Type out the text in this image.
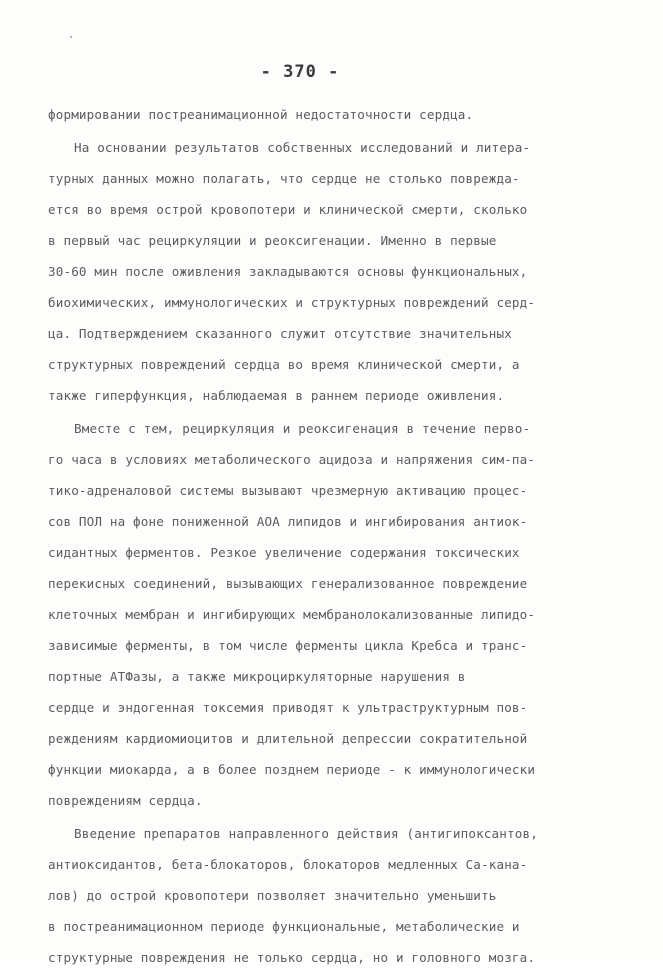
- 370 -
формировании постреанимационной недостаточности сердца.
На основании результатов собственных исследований и литера-
турных данных можно полагать, что сердце не столько поврежда-
ется во время острой кровопотери и клинической смерти, сколько
в первый час рециркуляции и реоксигенации. Именно в первые
30-60 мин после оживления закладываются основы функциональных,
биохимических, иммунологических и структурных повреждений серд-
ца. Подтверждением сказанного служит отсутствие значительных
структурных повреждений сердца во время клинической смерти, а
также гиперфункция, наблюдаемая в раннем периоде оживления.
Вместе с тем, рециркуляция и реоксигенация в течение перво-
го часа в условиях метаболического ацидоза и напряжения сим-па-
тико-адреналовой системы вызывают чрезмерную активацию процес-
сов ПОЛ на фоне пониженной АОА липидов и ингибирования антиок-
сидантных ферментов. Резкое увеличение содержания токсических
перекисных соединений, вызывающих генерализованное повреждение
клеточных мембран и ингибирующих мембранолокализованные липидо-
зависимые ферменты, в том числе ферменты цикла Кребса и транс-
портные АТФазы, а также микроциркуляторные нарушения в
сердце и эндогенная токсемия приводят к ультраструктурным пов-
реждениям кардиомиоцитов и длительной депрессии сократительной
функции миокарда, а в более позднем периоде - к иммунологически
повреждениям сердца.
Введение препаратов направленного действия (антигипоксантов,
антиоксидантов, бета-блокаторов, блокаторов медленных Са-кана-
лов) до острой кровопотери позволяет значительно уменьшить
в постреанимационном периоде функциональные, метаболические и
структурные повреждения не только сердца, но и головного мозга.
